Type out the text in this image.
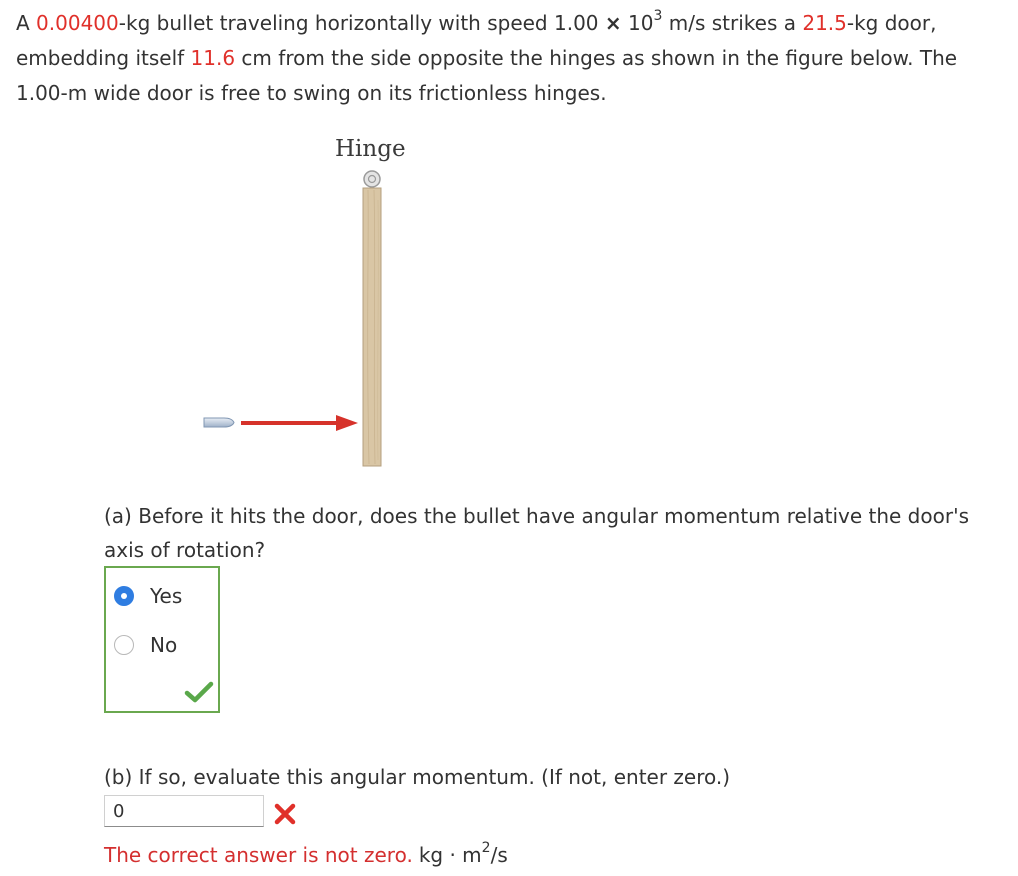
A 0.00400-kg bullet traveling horizontally with speed $1.00 \times 10^3$ m/s strikes a 21.5-kg door, embedding itself 11.6 cm from the side opposite the hinges as shown in the figure below. The 1.00-m wide door is free to swing on its frictionless hinges.
Hinge
(a) Before it hits the door, does the bullet have angular momentum relative the door's axis of rotation?
Yes
No
(b) If so, evaluate this angular momentum. (If not, enter zero.)
0
The correct answer is not zero. kg · $m^2/s$
